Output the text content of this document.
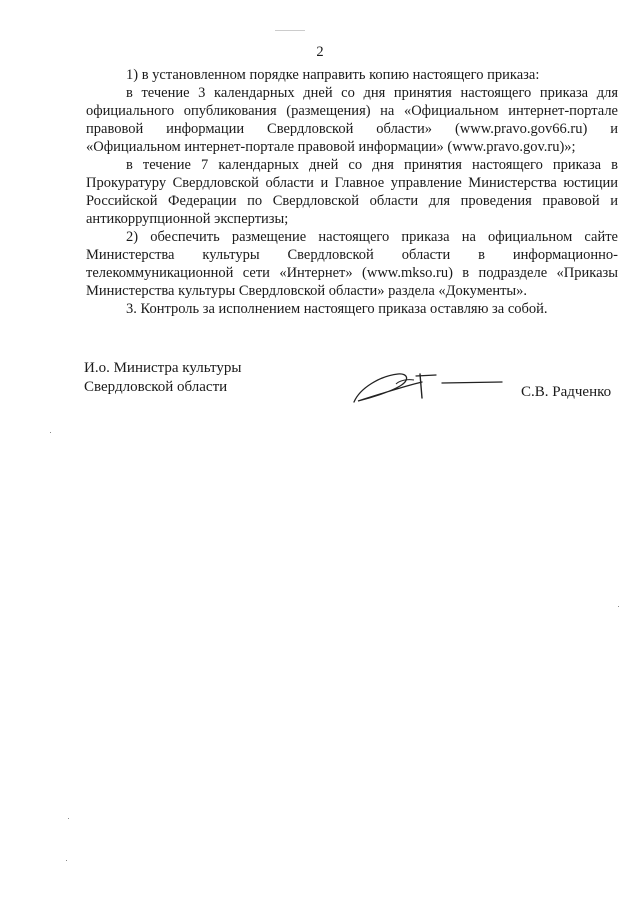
2

1) в установленном порядке направить копию настоящего приказа:

в течение 3 календарных дней со дня принятия настоящего приказа для официального опубликования (размещения) на «Официальном интернет-портале правовой информации Свердловской области» (www.pravo.gov66.ru) и «Официальном интернет-портале правовой информации» (www.pravo.gov.ru)»;

в течение 7 календарных дней со дня принятия настоящего приказа в Прокуратуру Свердловской области и Главное управление Министерства юстиции Российской Федерации по Свердловской области для проведения правовой и антикоррупционной экспертизы;

2) обеспечить размещение настоящего приказа на официальном сайте Министерства культуры Свердловской области в информационно-телекоммуникационной сети «Интернет» (www.mkso.ru) в подразделе «Приказы Министерства культуры Свердловской области» раздела «Документы».

3. Контроль за исполнением настоящего приказа оставляю за собой.

И.о. Министра культуры
Свердловской области	С.В. Радченко
